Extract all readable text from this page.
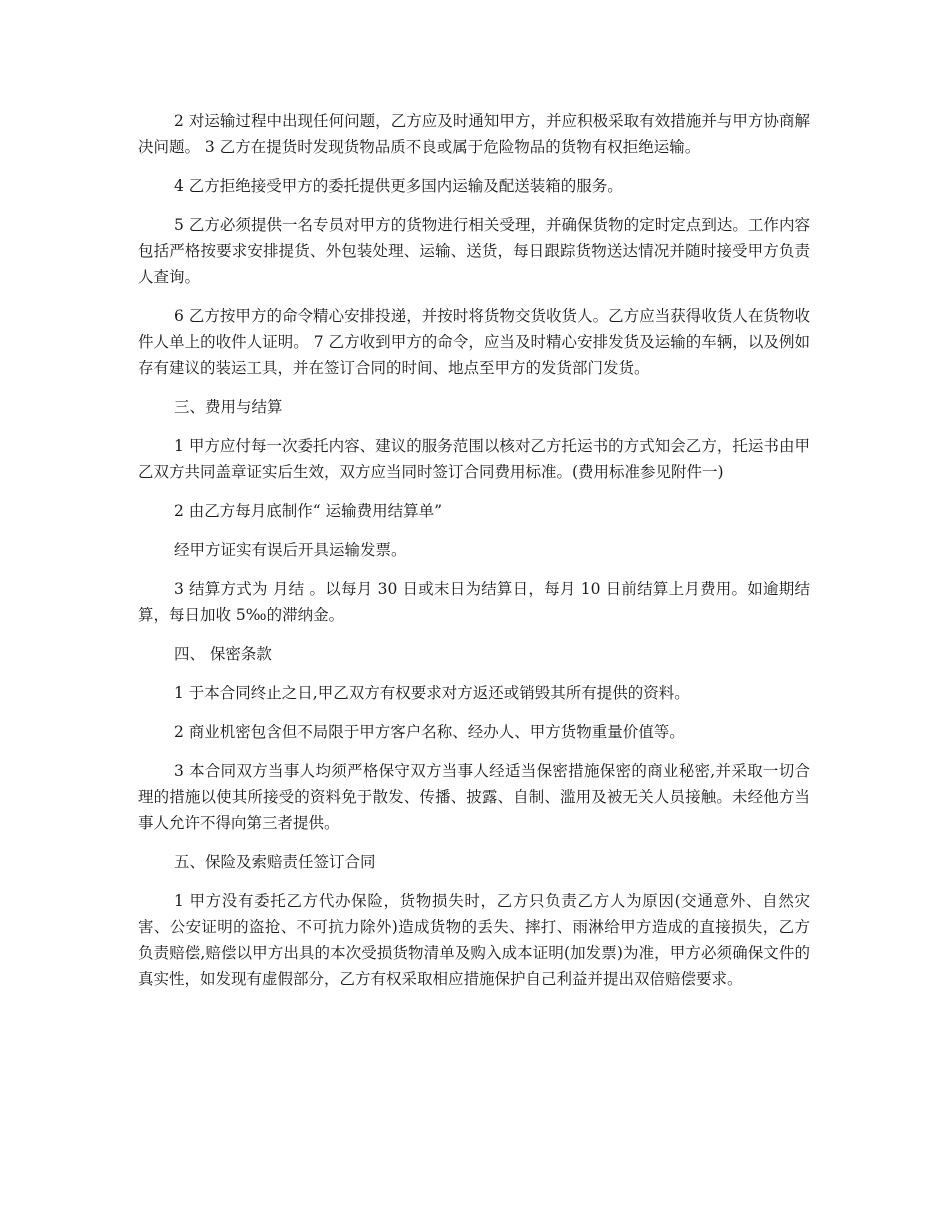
2 对运输过程中出现任何问题，乙方应及时通知甲方，并应积极采取有效措施并与甲方协商解决问题。 3 乙方在提货时发现货物品质不良或属于危险物品的货物有权拒绝运输。

4 乙方拒绝接受甲方的委托提供更多国内运输及配送装箱的服务。

5 乙方必须提供一名专员对甲方的货物进行相关受理，并确保货物的定时定点到达。工作内容包括严格按要求安排提货、外包装处理、运输、送货，每日跟踪货物送达情况并随时接受甲方负责人查询。

6 乙方按甲方的命令精心安排投递，并按时将货物交货收货人。乙方应当获得收货人在货物收件人单上的收件人证明。 7 乙方收到甲方的命令，应当及时精心安排发货及运输的车辆，以及例如存有建议的装运工具，并在签订合同的时间、地点至甲方的发货部门发货。

三、费用与结算

1 甲方应付每一次委托内容、建议的服务范围以核对乙方托运书的方式知会乙方，托运书由甲乙双方共同盖章证实后生效，双方应当同时签订合同费用标准。(费用标准参见附件一)

2 由乙方每月底制作“ 运输费用结算单”

经甲方证实有误后开具运输发票。

3 结算方式为 月结 。以每月 30 日或末日为结算日，每月 10 日前结算上月费用。如逾期结算，每日加收 5‰的滞纳金。

四、 保密条款

1 于本合同终止之日,甲乙双方有权要求对方返还或销毁其所有提供的资料。

2 商业机密包含但不局限于甲方客户名称、经办人、甲方货物重量价值等。

3 本合同双方当事人均须严格保守双方当事人经适当保密措施保密的商业秘密,并采取一切合理的措施以使其所接受的资料免于散发、传播、披露、自制、滥用及被无关人员接触。未经他方当事人允许不得向第三者提供。

五、保险及索赔责任签订合同

1 甲方没有委托乙方代办保险，货物损失时，乙方只负责乙方人为原因(交通意外、自然灾害、公安证明的盗抢、不可抗力除外)造成货物的丢失、摔打、雨淋给甲方造成的直接损失，乙方负责赔偿,赔偿以甲方出具的本次受损货物清单及购入成本证明(加发票)为准，甲方必须确保文件的真实性，如发现有虚假部分，乙方有权采取相应措施保护自己利益并提出双倍赔偿要求。
